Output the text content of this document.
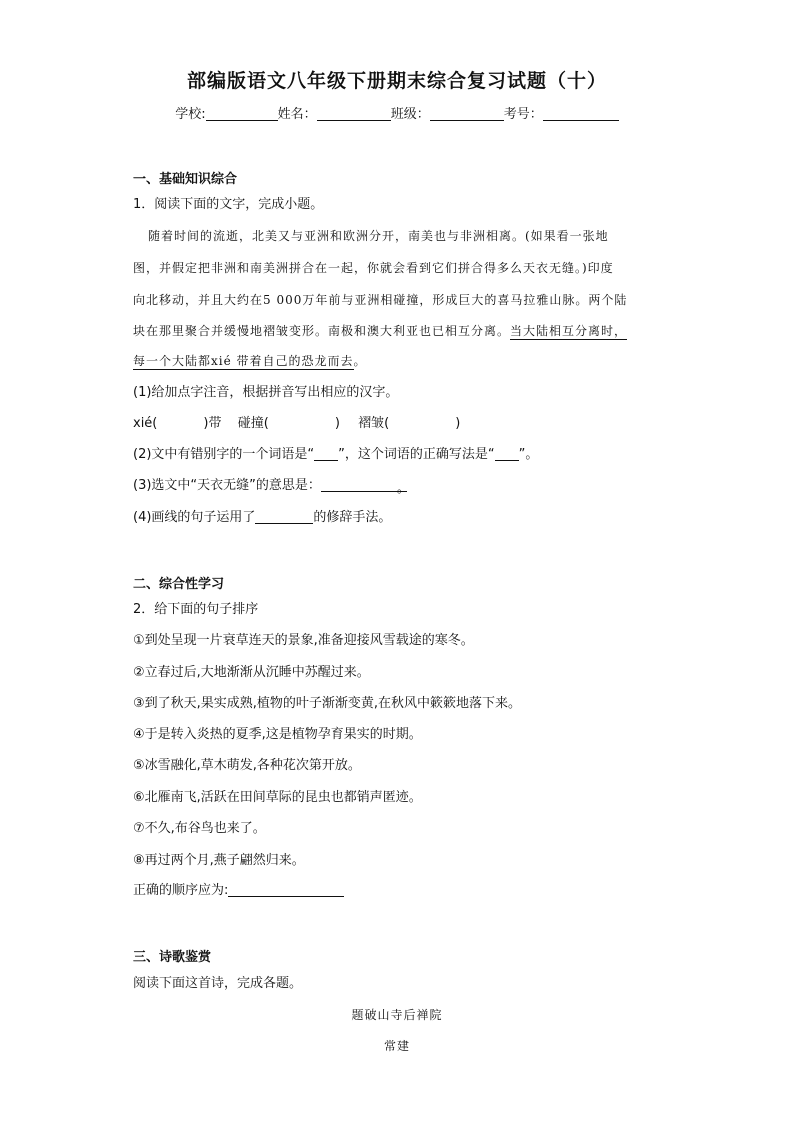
部编版语文八年级下册期末综合复习试题（十）
学校:	姓名：	班级：	考号：
一、基础知识综合
1．阅读下面的文字，完成小题。
随着时间的流逝，北美又与亚洲和欧洲分开，南美也与非洲相离。(如果看一张地
图，并假定把非洲和南美洲拼合在一起，你就会看到它们拼合得多么天衣无缝。)印度
向北移动，并且大约在5 000万年前与亚洲相碰撞，形成巨大的喜马拉雅山脉。两个陆
块在那里聚合并缓慢地褶皱变形。南极和澳大利亚也已相互分离。当大陆相互分离时，
每一个大陆都xié 带着自己的恐龙而去。
(1)给加点字注音，根据拼音写出相应的汉字。
xié(	)带 碰撞(	) 褶皱(	)
(2)文中有错别字的一个词语是“ ”，这个词语的正确写法是“ ”。
(3)选文中“天衣无缝”的意思是：	。
(4)画线的句子运用了	的修辞手法。
二、综合性学习
2．给下面的句子排序
①到处呈现一片衰草连天的景象,准备迎接风雪载途的寒冬。
②立春过后,大地渐渐从沉睡中苏醒过来。
③到了秋天,果实成熟,植物的叶子渐渐变黄,在秋风中簌簌地落下来。
④于是转入炎热的夏季,这是植物孕育果实的时期。
⑤冰雪融化,草木萌发,各种花次第开放。
⑥北雁南飞,活跃在田间草际的昆虫也都销声匿迹。
⑦不久,布谷鸟也来了。
⑧再过两个月,燕子翩然归来。
正确的顺序应为:
三、诗歌鉴赏
阅读下面这首诗，完成各题。
题破山寺后禅院
常建
